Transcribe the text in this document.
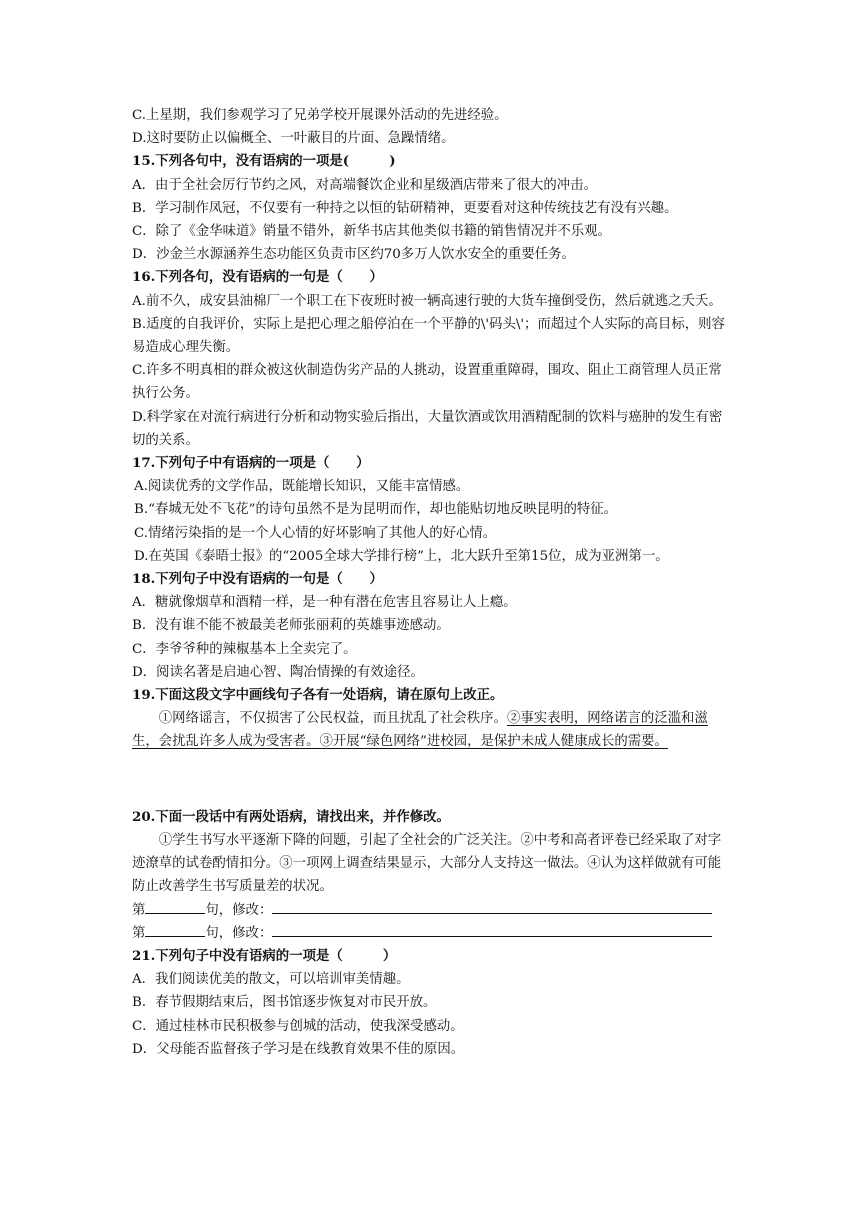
C.上星期，我们参观学习了兄弟学校开展课外活动的先进经验。

D.这时要防止以偏概全、一叶蔽目的片面、急躁情绪。

15.下列各句中，没有语病的一项是(　　　)

A．由于全社会厉行节约之风，对高端餐饮企业和星级酒店带来了很大的冲击。

B．学习制作凤冠，不仅要有一种持之以恒的钻研精神，更要看对这种传统技艺有没有兴趣。

C．除了《金华味道》销量不错外，新华书店其他类似书籍的销售情况并不乐观。

D．沙金兰水源涵养生态功能区负责市区约70多万人饮水安全的重要任务。

16.下列各句，没有语病的一句是（　　）

A.前不久，成安县油棉厂一个职工在下夜班时被一辆高速行驶的大货车撞倒受伤，然后就逃之夭夭。

B.适度的自我评价，实际上是把心理之船停泊在一个平静的\'码头\'；而超过个人实际的高目标，则容易造成心理失衡。

C.许多不明真相的群众被这伙制造伪劣产品的人挑动，设置重重障碍，围攻、阻止工商管理人员正常执行公务。

D.科学家在对流行病进行分析和动物实验后指出，大量饮酒或饮用酒精配制的饮料与癌肿的发生有密切的关系。

17.下列句子中有语病的一项是（　　）

A.阅读优秀的文学作品，既能增长知识，又能丰富情感。

B.“春城无处不飞花”的诗句虽然不是为昆明而作，却也能贴切地反映昆明的特征。

C.情绪污染指的是一个人心情的好坏影响了其他人的好心情。

D.在英国《泰晤士报》的“2005全球大学排行榜”上，北大跃升至第15位，成为亚洲第一。

18.下列句子中没有语病的一句是（　　）

A．糖就像烟草和酒精一样，是一种有潜在危害且容易让人上瘾。

B．没有谁不能不被最美老师张丽莉的英雄事迹感动。

C．李爷爷种的辣椒基本上全卖完了。

D．阅读名著是启迪心智、陶冶情操的有效途径。

19.下面这段文字中画线句子各有一处语病，请在原句上改正。

①网络谣言，不仅损害了公民权益，而且扰乱了社会秩序。②事实表明，网络诺言的泛滥和滋生，会扰乱许多人成为受害者。③开展“绿色网络”进校园，是保护未成人健康成长的需要。

20.下面一段话中有两处语病，请找出来，并作修改。

①学生书写水平逐渐下降的问题，引起了全社会的广泛关注。②中考和高者评卷已经采取了对字迹潦草的试卷酌情扣分。③一项网上调查结果显示，大部分人支持这一做法。④认为这样做就有可能防止改善学生书写质量差的状况。

第	句，修改：

第	句，修改：

21.下列句子中没有语病的一项是（　　　）

A．我们阅读优美的散文，可以培训审美情趣。

B．春节假期结束后，图书馆逐步恢复对市民开放。

C．通过桂林市民积极参与创城的活动，使我深受感动。

D．父母能否监督孩子学习是在线教育效果不佳的原因。
